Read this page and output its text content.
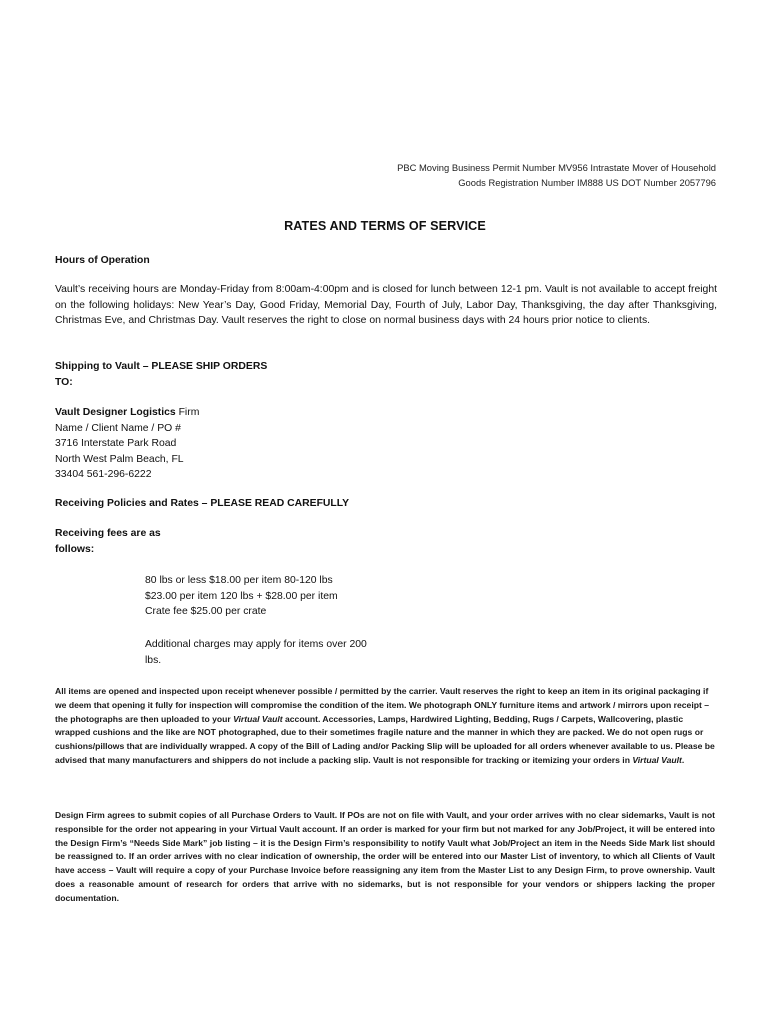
PBC Moving Business Permit Number MV956 Intrastate Mover of Household Goods Registration Number IM888 US DOT Number 2057796
RATES AND TERMS OF SERVICE
Hours of Operation

Vault’s receiving hours are Monday-Friday from 8:00am-4:00pm and is closed for lunch between 12-1 pm. Vault is not available to accept freight on the following holidays: New Year’s Day, Good Friday, Memorial Day, Fourth of July, Labor Day, Thanksgiving, the day after Thanksgiving, Christmas Eve, and Christmas Day. Vault reserves the right to close on normal business days with 24 hours prior notice to clients.

Shipping to Vault – PLEASE SHIP ORDERS
TO:
Vault Designer Logistics Firm
Name / Client Name / PO #
3716 Interstate Park Road
North West Palm Beach, FL
33404 561-296-6222
Receiving Policies and Rates – PLEASE READ CAREFULLY
Receiving fees are as
follows:
80 lbs or less $18.00 per item 80-120 lbs
$23.00 per item 120 lbs + $28.00 per item
Crate fee $25.00 per crate
Additional charges may apply for items over 200
lbs.

All items are opened and inspected upon receipt whenever possible / permitted by the carrier. Vault reserves the right to keep an item in its original packaging if we deem that opening it fully for inspection will compromise the condition of the item. We photograph ONLY furniture items and artwork / mirrors upon receipt – the photographs are then uploaded to your Virtual Vault account. Accessories, Lamps, Hardwired Lighting, Bedding, Rugs / Carpets, Wallcovering, plastic wrapped cushions and the like are NOT photographed, due to their sometimes fragile nature and the manner in which they are packed. We do not open rugs or cushions/pillows that are individually wrapped. A copy of the Bill of Lading and/or Packing Slip will be uploaded for all orders whenever available to us. Please be advised that many manufacturers and shippers do not include a packing slip. Vault is not responsible for tracking or itemizing your orders in Virtual Vault.

Design Firm agrees to submit copies of all Purchase Orders to Vault. If POs are not on file with Vault, and your order arrives with no clear sidemarks, Vault is not responsible for the order not appearing in your Virtual Vault account. If an order is marked for your firm but not marked for any Job/Project, it will be entered into the Design Firm’s “Needs Side Mark” job listing – it is the Design Firm’s responsibility to notify Vault what Job/Project an item in the Needs Side Mark list should be reassigned to. If an order arrives with no clear indication of ownership, the order will be entered into our Master List of inventory, to which all Clients of Vault have access – Vault will require a copy of your Purchase Invoice before reassigning any item from the Master List to any Design Firm, to prove ownership. Vault does a reasonable amount of research for orders that arrive with no sidemarks, but is not responsible for your vendors or shippers lacking the proper documentation.
